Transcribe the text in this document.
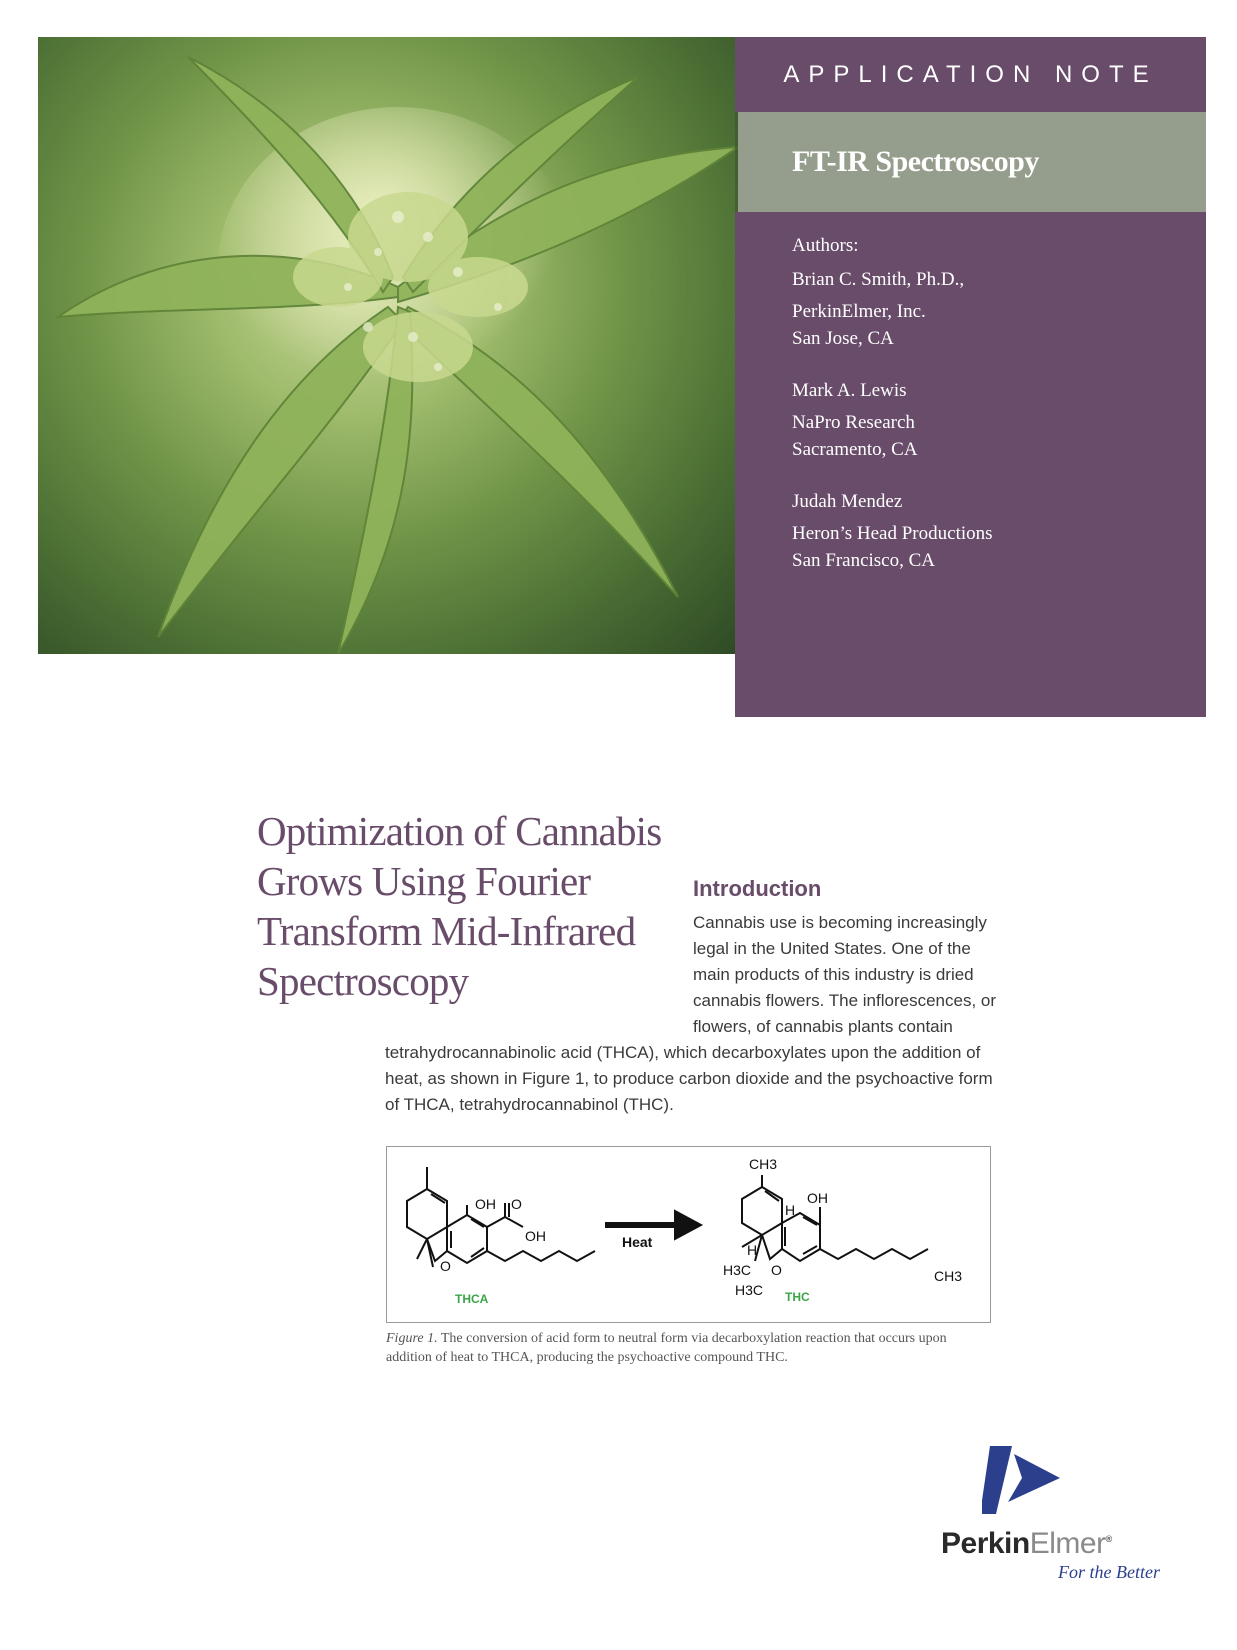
APPLICATION NOTE
FT-IR Spectroscopy
Authors:
Brian C. Smith, Ph.D.,
PerkinElmer, Inc.
San Jose, CA
Mark A. Lewis
NaPro Research
Sacramento, CA
Judah Mendez
Heron’s Head Productions
San Francisco, CA
Optimization of Cannabis Grows Using Fourier Transform Mid-Infrared Spectroscopy
Introduction
Cannabis use is becoming increasingly legal in the United States. One of the main products of this industry is dried cannabis flowers. The inflorescences, or flowers, of cannabis plants contain
tetrahydrocannabinolic acid (THCA), which decarboxylates upon the addition of heat, as shown in Figure 1, to produce carbon dioxide and the psychoactive form of THCA, tetrahydrocannabinol (THC).
OH O
OH
O
THCA
Heat
CH3
OH
H
H
H3C
H3C
O
THC
CH3
Figure 1. The conversion of acid form to neutral form via decarboxylation reaction that occurs upon addition of heat to THCA, producing the psychoactive compound THC.
PerkinElmer®
For the Better
